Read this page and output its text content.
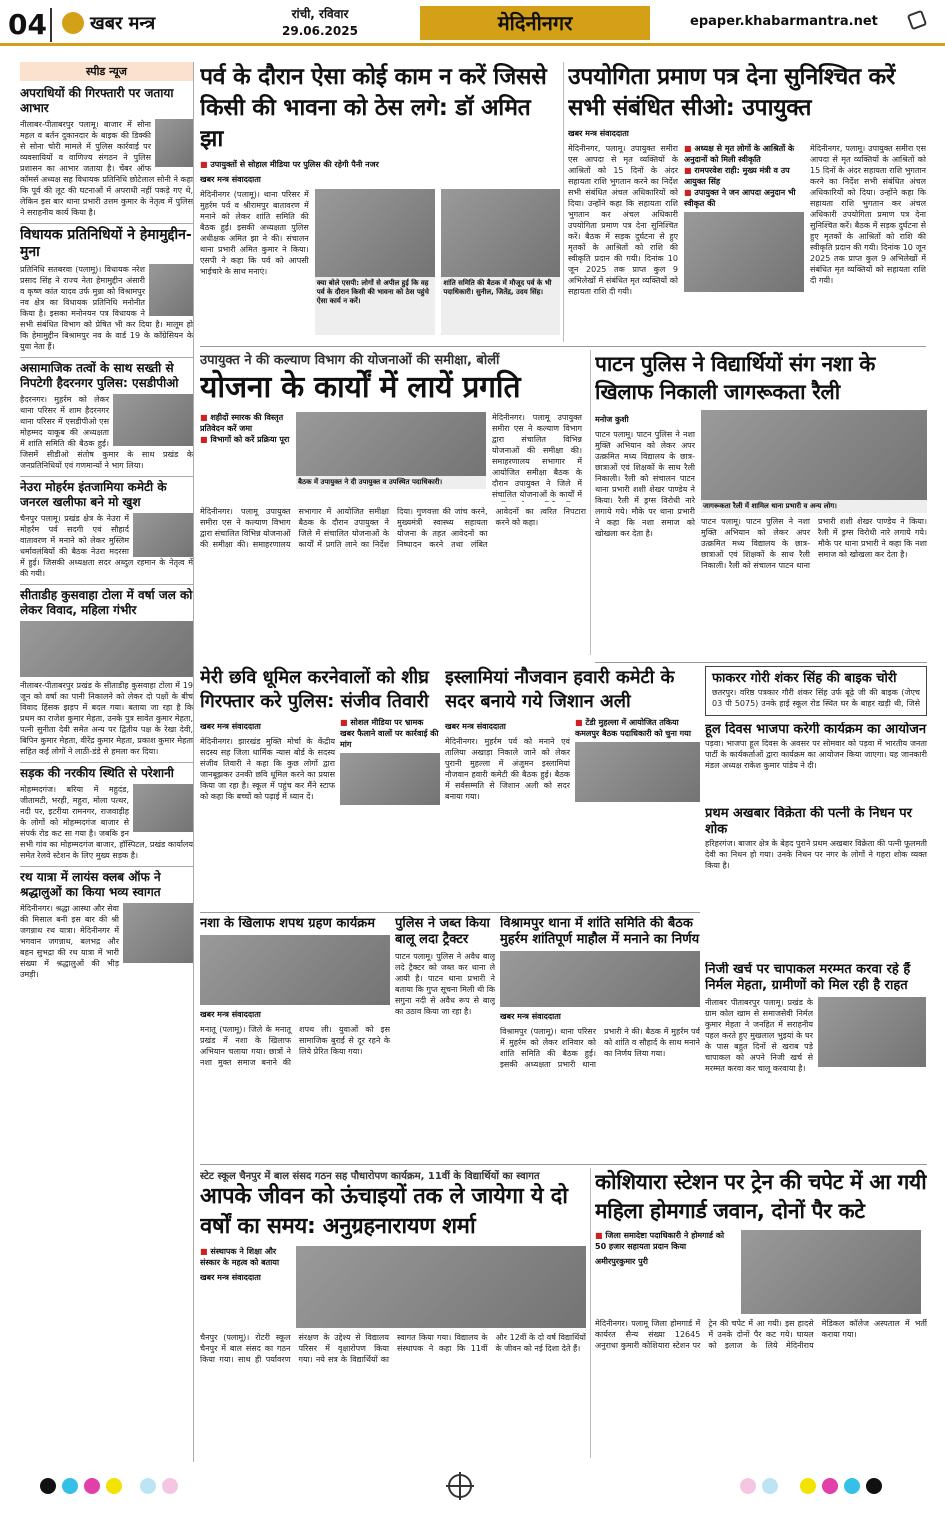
04 खबर मन्त्र	रांची, रविवार
29.06.2025	मेदिनीनगर	epaper.khabarmantra.net
स्पीड न्यूज
अपराधियों की गिरफ्तारी पर जताया आभार
नीलाबर-पीताबरपुर पलामू। बाजार में सोना महल व बर्तन दुकानदार के बाइक की डिक्की से सोना चोरी मामले में पुलिस कार्रवाई पर व्यवसायियों व वाणिज्य संगठन ने पुलिस प्रशासन का आभार जताया है। चेंबर ऑफ कॉमर्स अध्यक्ष सह विधायक प्रतिनिधि छोटेलाल सोनी ने कहा कि पूर्व की लूट की घटनाओं में अपराधी नहीं पकड़े गए थे, लेकिन इस बार थाना प्रभारी उत्तम कुमार के नेतृत्व में पुलिस ने सराहनीय कार्य किया है।
विधायक प्रतिनिधियों ने हेमामुद्दीन-मुना
प्रतिनिधि सतबरवा (पलामू)। विधायक नरेश प्रसाद सिंह ने राज्य नेता हेमामुद्दीन अंसारी व कृष्ण कांत यादव उर्फ मुन्ना को विश्रामपुर नव क्षेत्र का विधायक प्रतिनिधि मनोनीत किया है। इसका मनोनयन पत्र विधायक ने सभी संबंधित विभाग को प्रेषित भी कर दिया है। मालूम हो कि हेमामुद्दीन बिश्रामपुर नव के वार्ड 19 के काँग्रेसियन के युवा नेता हैं।
असामाजिक तत्वों के साथ सख्ती से निपटेगी हैदरनगर पुलिस: एसडीपीओ
हैदरनगर। मुहर्रम को लेकर थाना परिसर में शाम हैदरनगर थाना परिसर में एसडीपीओ एस मोहम्मद याकूब की अध्यक्षता में शांति समिति की बैठक हुई। जिसमें सीडीओ संतोष कुमार के साथ प्रखंड के जनप्रतिनिधियों एवं गणमान्यों ने भाग लिया।
नेउरा मोहर्रम इंतजामिया कमेटी के जनरल खलीफा बने मो खुश
चैनपुर पलामू। प्रखंड क्षेत्र के नेउरा में मोहर्रम पर्व सदगी एवं सौहार्द वातावरण में मनाने को लेकर मुस्लिम धर्मावलंबियों की बैठक नेउरा मदरसा में हुई। जिसकी अध्यक्षता सदर अब्दुल रहमान के नेतृत्व में की गयी।
सीताडीह कुसवाहा टोला में वर्षा जल को लेकर विवाद, महिला गंभीर
नीलाबर-पीताबरपुर प्रखंड के सीताडीह कुसवाहा टोला में 19 जून को वर्षा का पानी निकालने को लेकर दो पक्षों के बीच विवाद हिंसक झड़प में बदल गया। बताया जा रहा है कि प्रथम का राजेश कुमार मेहता, उनके पुत्र सावेत कुमार मेहता, पत्नी सुनीता देवी समेत अन्य पर द्वितीय पक्ष के रेखा देवी, बिपिन कुमार मेहता, वीरेंद्र कुमार मेहता, प्रकाश कुमार मेहता सहित कई लोगों ने लाठी-डंडे से हमला कर दिया।
सड़क की नरकीय स्थिति से परेशानी
मोहम्मदगंज। बरिया में महुदंड, जीतामटी, भरही, महुरा, मोला पत्थर, नदी पर, इटरीया रामनगर, राजवाड़ीह के लोगों को मोहम्मदगंज बाजार से संपर्क रोड कट सा गया है। जबकि इन सभी गांव का मोहम्मदगंज बाजार, हॉस्पिटल, प्रखंड कार्यालय समेत रेलवे स्टेशन के लिए मुख्य सड़क है।
रथ यात्रा में लायंस क्लब ऑफ ने श्रद्धालुओं का किया भव्य स्वागत
मेदिनीनगर। श्रद्धा आस्था और सेवा की मिसाल बनी इस बार की श्री जगन्नाथ रथ यात्रा। मेदिनीनगर में भगवान जगन्नाथ, बलभद्र और बहन सुभद्रा की रथ यात्रा में भारी संख्या में श्रद्धालुओं की भीड़ उमड़ी।
पर्व के दौरान ऐसा कोई काम न करें जिससे किसी की भावना को ठेस लगे: डॉ अमित झा
■ उपायुक्तों से सोहाल मीडिया पर पुलिस की रहेगी पैनी नजर
खबर मन्त्र संवाददाता
मेदिनीनगर (पलामू)। थाना परिसर में मुहर्रम पर्व व श्रीरामपुर बातावरण में मनाने को लेकर शांति समिति की बैठक हुई। इसकी अध्यक्षता पुलिस अधीक्षक अमित झा ने की। संचालन थाना प्रभारी अमित कुमार ने किया। एसपी ने कहा कि पर्व को आपसी भाईचारे के साथ मनाएं।
क्या बोले एसपी: लोगों से अपील हुई कि वह पर्व के दौरान किसी की भावना को ठेस पहुंचे ऐसा कार्य न करें।
शांति समिति की बैठक में मौजूद पर्व के भी पदाधिकारी। सुनील, जितेंद्र, उदय सिंह।
उपयोगिता प्रमाण पत्र देना सुनिश्चित करें सभी संबंधित सीओ: उपायुक्त
खबर मन्त्र संवाददाता
मेदिनीनगर, पलामू। उपायुक्त समीरा एस आपदा से मृत व्यक्तियों के आश्रितों को 15 दिनों के अंदर सहायता राशि भुगतान करने का निर्देश सभी संबंधित अंचल अधिकारियों को दिया। उन्होंने कहा कि सहायता राशि भुगतान कर अंचल अधिकारी उपयोगिता प्रमाण पत्र देना सुनिश्चित करें। बैठक में सड़क दुर्घटना से हुए मृतकों के आश्रितों को राशि की स्वीकृति प्रदान की गयी। दिनांक 10 जून 2025 तक प्राप्त कुल 9 अभिलेखों में संबंधित मृत व्यक्तियों को सहायता राशि दी गयी।
■ अध्यक्ष से मृत लोगों के आश्रितों के अनुदानों को मिली स्वीकृति
■ रामपरवेश राही: मुख्य मंत्री व उप आयुक्त सिंह
■ उपायुक्त ने जन आपदा अनुदान भी स्वीकृत की
मेदिनीनगर, पलामू। उपायुक्त समीरा एस आपदा से मृत व्यक्तियों के आश्रितों को 15 दिनों के अंदर सहायता राशि भुगतान करने का निर्देश सभी संबंधित अंचल अधिकारियों को दिया। उन्होंने कहा कि सहायता राशि भुगतान कर अंचल अधिकारी उपयोगिता प्रमाण पत्र देना सुनिश्चित करें। बैठक में सड़क दुर्घटना से हुए मृतकों के आश्रितों को राशि की स्वीकृति प्रदान की गयी। दिनांक 10 जून 2025 तक प्राप्त कुल 9 अभिलेखों में संबंधित मृत व्यक्तियों को सहायता राशि दी गयी।
उपायुक्त ने की कल्याण विभाग की योजनाओं की समीक्षा, बोलीं
योजना के कार्यों में लायें प्रगति
■ शहीदों स्मारक की विस्तृत प्रतिवेदन करें जमा
■ विभागों को करें प्रक्रिया पूरा
बैठक में उपायुक्त ने दी उपायुक्त व उपस्थित पदाधिकारी।
मेदिनीनगर। पलामू उपायुक्त समीरा एस ने कल्याण विभाग द्वारा संचालित विभिन्न योजनाओं की समीक्षा की। समाहरणालय सभागार में आयोजित समीक्षा बैठक के दौरान उपायुक्त ने जिले में संचालित योजनाओं के कार्यों में
मेदिनीनगर। पलामू उपायुक्त समीरा एस ने कल्याण विभाग द्वारा संचालित विभिन्न योजनाओं की समीक्षा की। समाहरणालय सभागार में आयोजित समीक्षा बैठक के दौरान उपायुक्त ने जिले में संचालित योजनाओं के कार्यों में प्रगति लाने का निर्देश दिया। गुणवत्ता की जांच करने, मुख्यमंत्री स्वास्थ्य सहायता योजना के तहत आवेदनों का निष्पादन करने तथा लंबित आवेदनों का त्वरित निपटारा करने को कहा।
पाटन पुलिस ने विद्यार्थियों संग नशा के खिलाफ निकाली जागरूकता रैली
मनोज कुशी
पाटन पलामू। पाटन पुलिस ने नशा मुक्ति अभियान को लेकर अपर उत्क्रमित मध्य विद्यालय के छात्र-छात्राओं एवं शिक्षकों के साथ रैली निकाली। रैली को संचालन पाटन थाना प्रभारी शशी शेखर पाण्डेय ने किया। रैली में ड्रग्स विरोधी नारे लगाये गये। मौके पर थाना प्रभारी ने कहा कि नशा समाज को खोखला कर देता है।
जागरूकता रैली में शामिल थाना प्रभारी व अन्य लोग।
पाटन पलामू। पाटन पुलिस ने नशा मुक्ति अभियान को लेकर अपर उत्क्रमित मध्य विद्यालय के छात्र-छात्राओं एवं शिक्षकों के साथ रैली निकाली। रैली को संचालन पाटन थाना प्रभारी शशी शेखर पाण्डेय ने किया। रैली में ड्रग्स विरोधी नारे लगाये गये। मौके पर थाना प्रभारी ने कहा कि नशा समाज को खोखला कर देता है।
फाकरर गोरी शंकर सिंह की बाइक चोरी
छतरपुर। वरिष्ठ पत्रकार गौरी शंकर सिंह उर्फ बूढ़े जी की बाइक (जेएच 03 पी 5075) उनके हाई स्कूल रोड स्थित घर के बाहर खड़ी थी, जिसे
हूल दिवस भाजपा करेगी कार्यक्रम का आयोजन
पड़वा। भाजपा हूल दिवस के अवसर पर सोमवार को पड़वा में भारतीय जनता पार्टी के कार्यकर्ताओं द्वारा कार्यक्रम का आयोजन किया जाएगा। यह जानकारी मंडल अध्यक्ष राकेश कुमार पांडेय ने दी।
प्रथम अखबार विक्रेता की पत्नी के निधन पर शोक
हरिहरगंज। बाजार क्षेत्र के बेहद पुराने प्रथम अखबार विक्रेता की पत्नी फूलमती देवी का निधन हो गया। उनके निधन पर नगर के लोगों ने गहरा शोक व्यक्त किया है।
निजी खर्च पर चापाकल मरम्मत करवा रहे हैं निर्मल मेहता, ग्रामीणों को मिल रही है राहत
नीलाबर पीताबरपुर पलामू। प्रखंड के ग्राम कोल खाम से समाजसेवी निर्मल कुमार मेहता ने जनहित में सराहनीय पहल करते हुए मुखलाल भुइयां के घर के पास बहुत दिनों से खराब पड़े चापाकल को अपने निजी खर्च से मरम्मत करवा कर चालू करवाया है।
मेरी छवि धूमिल करनेवालों को शीघ्र गिरफ्तार करे पुलिस: संजीव तिवारी
खबर मन्त्र संवाददाता
मेदिनीनगर। झारखंड मुक्ति मोर्चा के केंद्रीय सदस्य सह जिला धार्मिक न्यास बोर्ड के सदस्य संजीव तिवारी ने कहा कि कुछ लोगों द्वारा जानबूझकर उनकी छवि धूमिल करने का प्रयास किया जा रहा है। स्कूल में पहुंच कर मैंने स्टाफ को कहा कि बच्चों को पढ़ाई में ध्यान दें।
■ सोशल मीडिया पर भ्रामक खबर फैलाने वालों पर कार्रवाई की मांग
इस्लामियां नौजवान हवारी कमेटी के सदर बनाये गये जिशान अली
खबर मन्त्र संवाददाता
मेदिनीनगर। मुहर्रम पर्व को मनाने एवं तालिया अखाड़ा निकाले जाने को लेकर पुरानी मुहल्ला में अंजुमन इस्लामियां नौजवान हवारी कमेटी की बैठक हुई। बैठक में सर्वसम्मति से जिशान अली को सदर बनाया गया।
■ टेंडी मुहल्ला में आयोजित तकिया कमलपुर बैठक पदाधिकारी को चुना गया
नशा के खिलाफ शपथ ग्रहण कार्यक्रम
खबर मन्त्र संवाददाता
मनातू (पलामू)। जिले के मनातू प्रखंड में नशा के खिलाफ अभियान चलाया गया। छात्रों ने नशा मुक्त समाज बनाने की शपथ ली। युवाओं को इस सामाजिक बुराई से दूर रहने के लिये प्रेरित किया गया।
पुलिस ने जब्त किया बालू लदा ट्रैक्टर
पाटन पलामू। पुलिस ने अवैध बालू लदे ट्रैक्टर को जब्त कर थाना ले आयी है। पाटन थाना प्रभारी ने बताया कि गुप्त सूचना मिली थी कि सगुना नदी से अवैध रूप से बालू का उठाव किया जा रहा है।
विश्रामपुर थाना में शांति समिति की बैठक मुहर्रम शांतिपूर्ण माहौल में मनाने का निर्णय
खबर मन्त्र संवाददाता
विश्रामपुर (पलामू)। थाना परिसर में मुहर्रम को लेकर शनिवार को शांति समिति की बैठक हुई। इसकी अध्यक्षता प्रभारी थाना प्रभारी ने की। बैठक में मुहर्रम पर्व को शांति व सौहार्द के साथ मनाने का निर्णय लिया गया।
स्टेट स्कूल चैनपुर में बाल संसद गठन सह पौधारोपण कार्यक्रम, 11वीं के विद्यार्थियों का स्वागत
आपके जीवन को ऊंचाइयों तक ले जायेगा ये दो वर्षों का समय: अनुग्रहनारायण शर्मा
■ संस्थापक ने शिक्षा और संस्कार के महत्व को बताया
खबर मन्त्र संवाददाता
चैनपुर (पलामू)। रोटरी स्कूल चैनपुर में बाल संसद का गठन किया गया। साथ ही पर्यावरण संरक्षण के उद्देश्य से विद्यालय परिसर में वृक्षारोपण किया गया। नये सत्र के विद्यार्थियों का स्वागत किया गया। विद्यालय के संस्थापक ने कहा कि 11वीं और 12वीं के दो वर्ष विद्यार्थियों के जीवन को नई दिशा देते हैं।
कोशियारा स्टेशन पर ट्रेन की चपेट में आ गयी महिला होमगार्ड जवान, दोनों पैर कटे
■ जिला समादेष्टा पदाधिकारी ने होमगार्ड को 50 हजार सहायता प्रदान किया
अमीरपुरकुमार पुरी
मेदिनीनगर। पलामू जिला होमगार्ड में कार्यरत सैन्य संख्या 12645 अनुराधा कुमारी कोशियारा स्टेशन पर ट्रेन की चपेट में आ गयी। इस हादसे में उनके दोनों पैर कट गये। घायल को इलाज के लिये मेदिनीराय मेडिकल कॉलेज अस्पताल में भर्ती कराया गया।
